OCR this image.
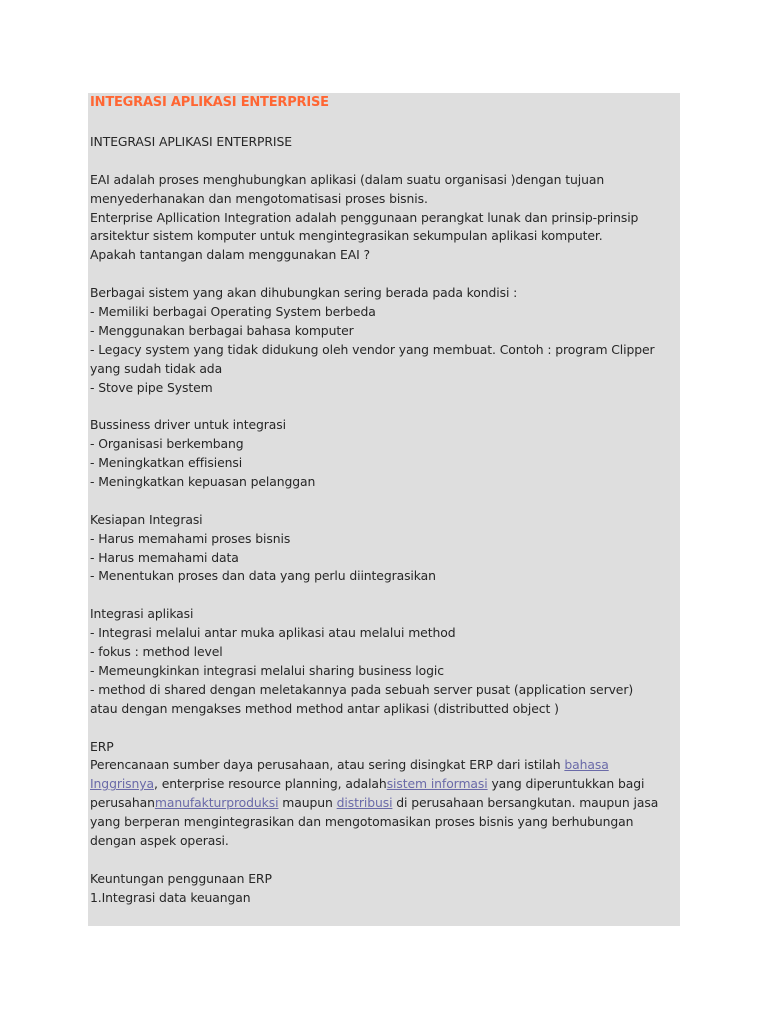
INTEGRASI APLIKASI ENTERPRISE
INTEGRASI APLIKASI ENTERPRISE
EAI adalah proses menghubungkan aplikasi (dalam suatu organisasi )dengan tujuan
menyederhanakan dan mengotomatisasi proses bisnis.
Enterprise Apllication Integration adalah penggunaan perangkat lunak dan prinsip-prinsip
arsitektur sistem komputer untuk mengintegrasikan sekumpulan aplikasi komputer.
Apakah tantangan dalam menggunakan EAI ?
Berbagai sistem yang akan dihubungkan sering berada pada kondisi :
- Memiliki berbagai Operating System berbeda
- Menggunakan berbagai bahasa komputer
- Legacy system yang tidak didukung oleh vendor yang membuat. Contoh : program Clipper
yang sudah tidak ada
- Stove pipe System
Bussiness driver untuk integrasi
- Organisasi berkembang
- Meningkatkan effisiensi
- Meningkatkan kepuasan pelanggan
Kesiapan Integrasi
- Harus memahami proses bisnis
- Harus memahami data
- Menentukan proses dan data yang perlu diintegrasikan
Integrasi aplikasi
- Integrasi melalui antar muka aplikasi atau melalui method
- fokus : method level
- Memeungkinkan integrasi melalui sharing business logic
- method di shared dengan meletakannya pada sebuah server pusat (application server)
atau dengan mengakses method method antar aplikasi (distributted object )
ERP
Perencanaan sumber daya perusahaan, atau sering disingkat ERP dari istilah bahasa
Inggrisnya, enterprise resource planning, adalahsistem informasi yang diperuntukkan bagi
perusahanmanufakturproduksi maupun distribusi di perusahaan bersangkutan. maupun jasa
yang berperan mengintegrasikan dan mengotomasikan proses bisnis yang berhubungan
dengan aspek operasi.
Keuntungan penggunaan ERP
1.Integrasi data keuangan
